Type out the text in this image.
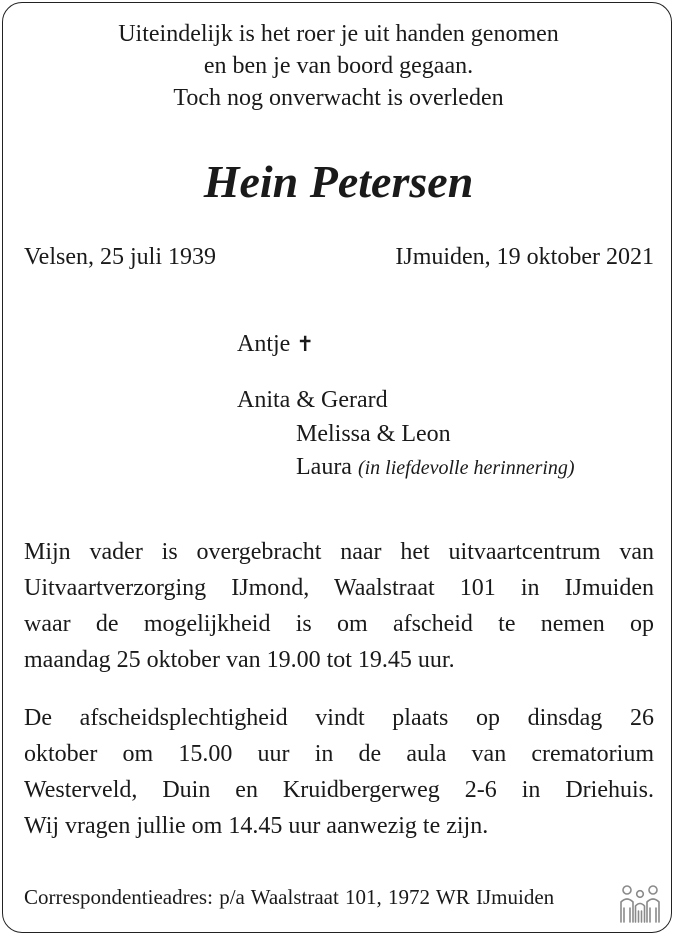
Uiteindelijk is het roer je uit handen genomen
en ben je van boord gegaan.
Toch nog onverwacht is overleden
Hein Petersen
Velsen, 25 juli 1939	IJmuiden, 19 oktober 2021
Antje ✝
Anita & Gerard
Melissa & Leon
Laura (in liefdevolle herinnering)
Mijn vader is overgebracht naar het uitvaartcentrum van
Uitvaartverzorging IJmond, Waalstraat 101 in IJmuiden
waar de mogelijkheid is om afscheid te nemen op
maandag 25 oktober van 19.00 tot 19.45 uur.
De afscheidsplechtigheid vindt plaats op dinsdag 26
oktober om 15.00 uur in de aula van crematorium
Westerveld, Duin en Kruidbergerweg 2-6 in Driehuis.
Wij vragen jullie om 14.45 uur aanwezig te zijn.
Correspondentieadres: p/a Waalstraat 101, 1972 WR IJmuiden
